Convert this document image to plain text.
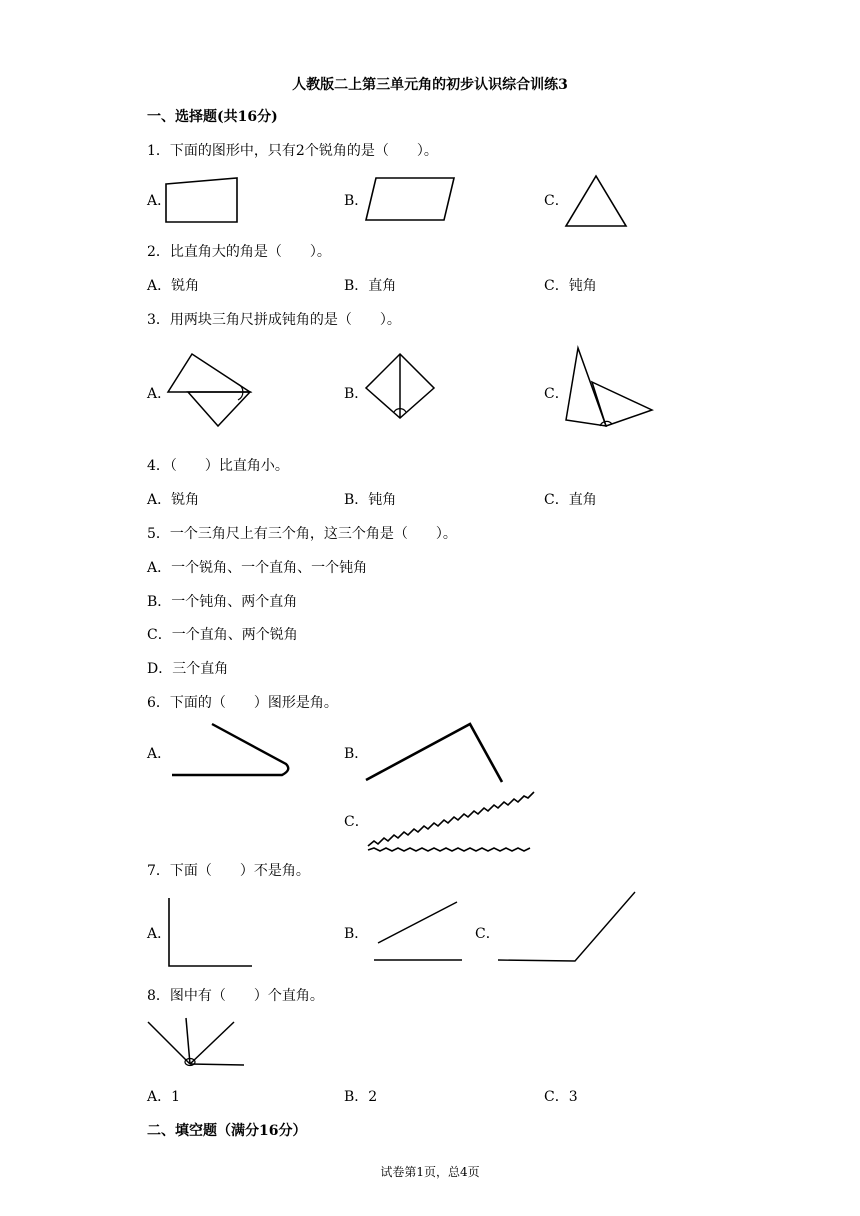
人教版二上第三单元角的初步认识综合训练3
一、选择题(共16分)
1．下面的图形中，只有2个锐角的是（　　）。
A．	B．	C．
2．比直角大的角是（　　）。
A．锐角	B．直角	C．钝角
3．用两块三角尺拼成钝角的是（　　）。
A．	B．	C．
4．（　　）比直角小。
A．锐角	B．钝角	C．直角
5．一个三角尺上有三个角，这三个角是（　　）。
A．一个锐角、一个直角、一个钝角
B．一个钝角、两个直角
C．一个直角、两个锐角
D．三个直角
6．下面的（　　）图形是角。
A．	B．
C．
7．下面（　　）不是角。
A．	B．	C．
8．图中有（　　）个直角。
A．1	B．2	C．3
二、填空题（满分16分）
试卷第1页，总4页
